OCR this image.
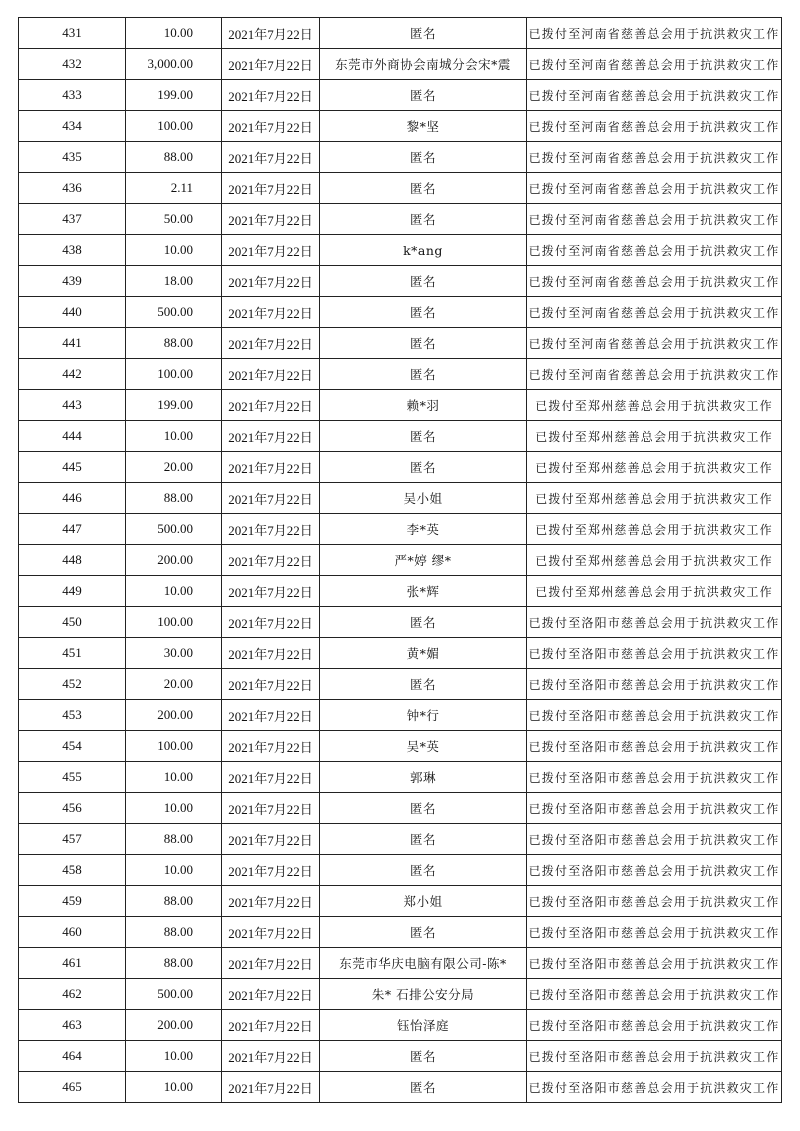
431	10.00	2021年7月22日	匿名	已拨付至河南省慈善总会用于抗洪救灾工作
432	3,000.00	2021年7月22日	东莞市外商协会南城分会宋*震	已拨付至河南省慈善总会用于抗洪救灾工作
433	199.00	2021年7月22日	匿名	已拨付至河南省慈善总会用于抗洪救灾工作
434	100.00	2021年7月22日	黎*坚	已拨付至河南省慈善总会用于抗洪救灾工作
435	88.00	2021年7月22日	匿名	已拨付至河南省慈善总会用于抗洪救灾工作
436	2.11	2021年7月22日	匿名	已拨付至河南省慈善总会用于抗洪救灾工作
437	50.00	2021年7月22日	匿名	已拨付至河南省慈善总会用于抗洪救灾工作
438	10.00	2021年7月22日	k*ang	已拨付至河南省慈善总会用于抗洪救灾工作
439	18.00	2021年7月22日	匿名	已拨付至河南省慈善总会用于抗洪救灾工作
440	500.00	2021年7月22日	匿名	已拨付至河南省慈善总会用于抗洪救灾工作
441	88.00	2021年7月22日	匿名	已拨付至河南省慈善总会用于抗洪救灾工作
442	100.00	2021年7月22日	匿名	已拨付至河南省慈善总会用于抗洪救灾工作
443	199.00	2021年7月22日	赖*羽	已拨付至郑州慈善总会用于抗洪救灾工作
444	10.00	2021年7月22日	匿名	已拨付至郑州慈善总会用于抗洪救灾工作
445	20.00	2021年7月22日	匿名	已拨付至郑州慈善总会用于抗洪救灾工作
446	88.00	2021年7月22日	吴小姐	已拨付至郑州慈善总会用于抗洪救灾工作
447	500.00	2021年7月22日	李*英	已拨付至郑州慈善总会用于抗洪救灾工作
448	200.00	2021年7月22日	严*婷 缪*	已拨付至郑州慈善总会用于抗洪救灾工作
449	10.00	2021年7月22日	张*辉	已拨付至郑州慈善总会用于抗洪救灾工作
450	100.00	2021年7月22日	匿名	已拨付至洛阳市慈善总会用于抗洪救灾工作
451	30.00	2021年7月22日	黄*媚	已拨付至洛阳市慈善总会用于抗洪救灾工作
452	20.00	2021年7月22日	匿名	已拨付至洛阳市慈善总会用于抗洪救灾工作
453	200.00	2021年7月22日	钟*行	已拨付至洛阳市慈善总会用于抗洪救灾工作
454	100.00	2021年7月22日	吴*英	已拨付至洛阳市慈善总会用于抗洪救灾工作
455	10.00	2021年7月22日	郭琳	已拨付至洛阳市慈善总会用于抗洪救灾工作
456	10.00	2021年7月22日	匿名	已拨付至洛阳市慈善总会用于抗洪救灾工作
457	88.00	2021年7月22日	匿名	已拨付至洛阳市慈善总会用于抗洪救灾工作
458	10.00	2021年7月22日	匿名	已拨付至洛阳市慈善总会用于抗洪救灾工作
459	88.00	2021年7月22日	郑小姐	已拨付至洛阳市慈善总会用于抗洪救灾工作
460	88.00	2021年7月22日	匿名	已拨付至洛阳市慈善总会用于抗洪救灾工作
461	88.00	2021年7月22日	东莞市华庆电脑有限公司-陈*	已拨付至洛阳市慈善总会用于抗洪救灾工作
462	500.00	2021年7月22日	朱* 石排公安分局	已拨付至洛阳市慈善总会用于抗洪救灾工作
463	200.00	2021年7月22日	钰怡泽庭	已拨付至洛阳市慈善总会用于抗洪救灾工作
464	10.00	2021年7月22日	匿名	已拨付至洛阳市慈善总会用于抗洪救灾工作
465	10.00	2021年7月22日	匿名	已拨付至洛阳市慈善总会用于抗洪救灾工作
